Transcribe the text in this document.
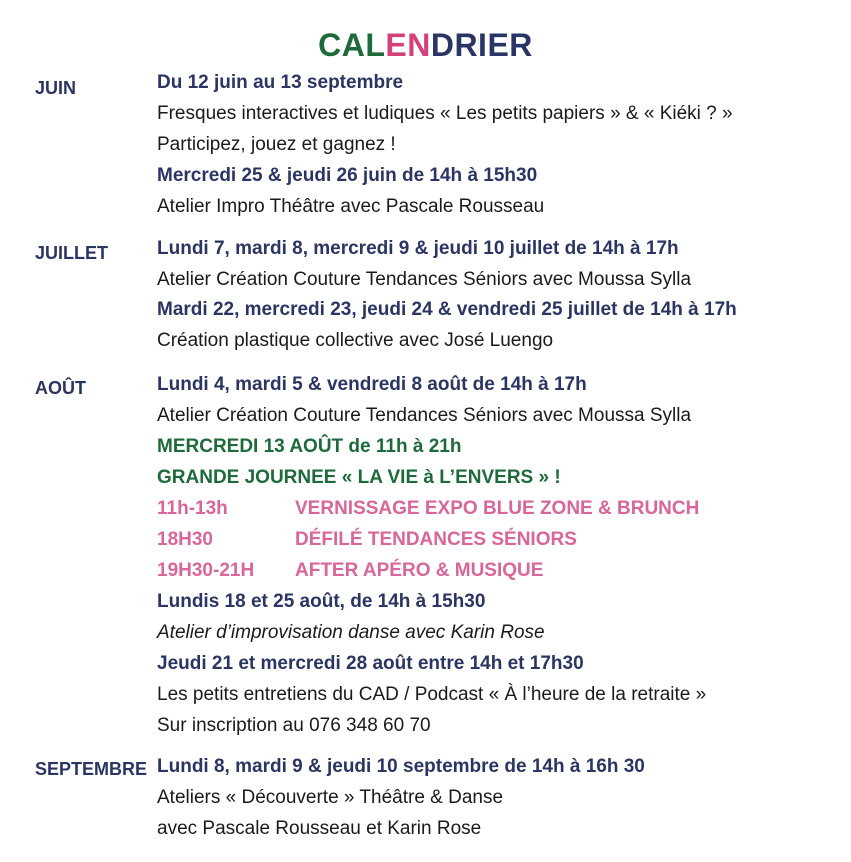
CALENDRIER
JUIN	Du 12 juin au 13 septembre
Fresques interactives et ludiques « Les petits papiers » & « Kiéki ? »
Participez, jouez et gagnez !
Mercredi 25 & jeudi 26 juin de 14h à 15h30
Atelier Impro Théâtre avec Pascale Rousseau
JUILLET	Lundi 7, mardi 8, mercredi 9 & jeudi 10 juillet de 14h à 17h
Atelier Création Couture Tendances Séniors avec Moussa Sylla
Mardi 22, mercredi 23, jeudi 24 & vendredi 25 juillet de 14h à 17h
Création plastique collective avec José Luengo
AOÛT	Lundi 4, mardi 5 & vendredi 8 août de 14h à 17h
Atelier Création Couture Tendances Séniors avec Moussa Sylla
MERCREDI 13 AOÛT de 11h à 21h
GRANDE JOURNEE « LA VIE à L’ENVERS » !
11h-13h	VERNISSAGE EXPO BLUE ZONE & BRUNCH
18H30	DÉFILÉ TENDANCES SÉNIORS
19H30-21H AFTER APÉRO & MUSIQUE
Lundis 18 et 25 août, de 14h à 15h30
Atelier d’improvisation danse avec Karin Rose
Jeudi 21 et mercredi 28 août entre 14h et 17h30
Les petits entretiens du CAD / Podcast « À l’heure de la retraite »
Sur inscription au 076 348 60 70
SEPTEMBRE Lundi 8, mardi 9 & jeudi 10 septembre de 14h à 16h 30
Ateliers « Découverte » Théâtre & Danse
avec Pascale Rousseau et Karin Rose
